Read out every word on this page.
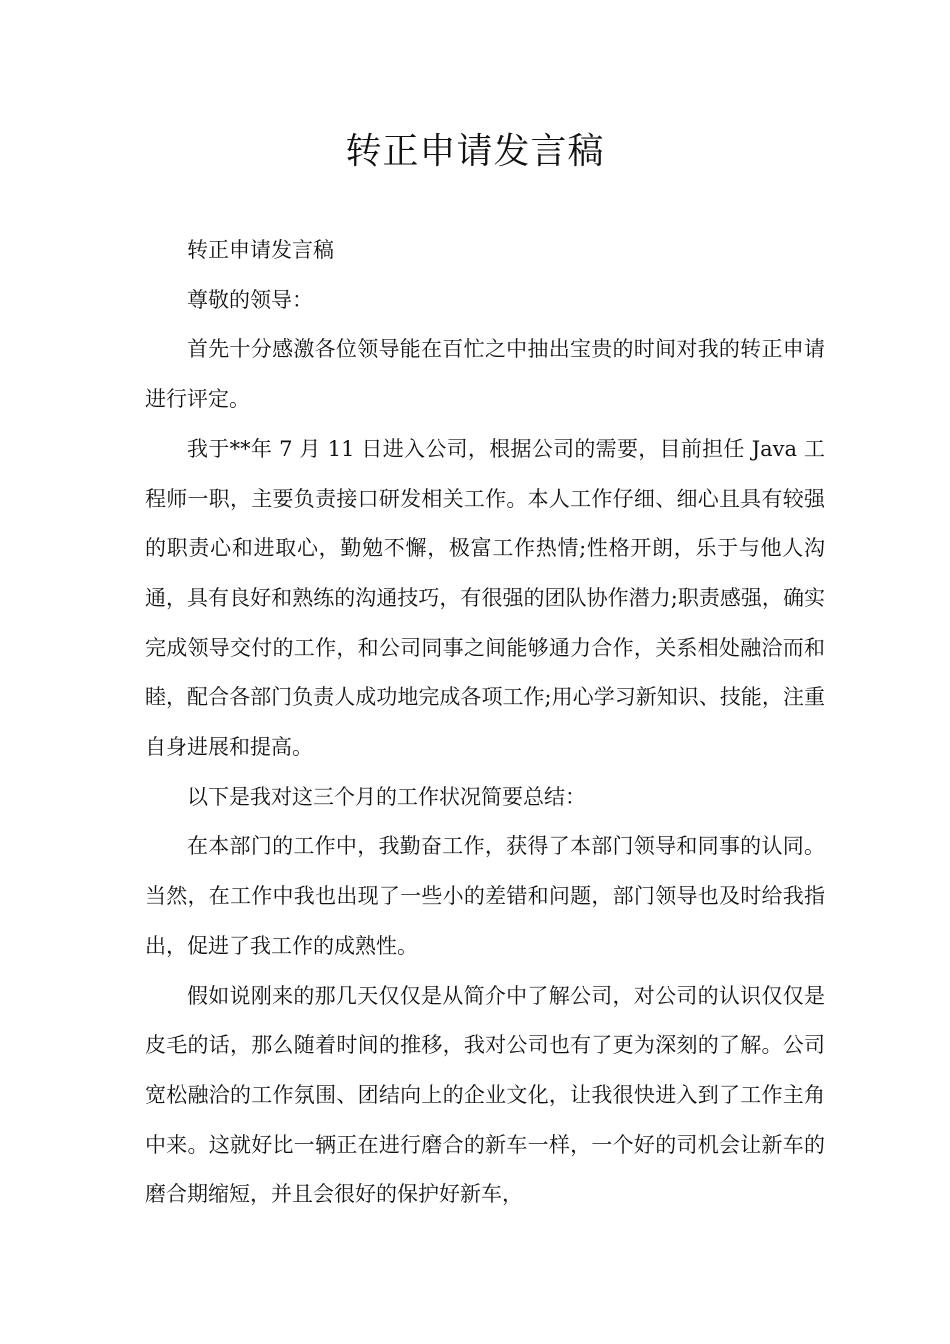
转正申请发言稿

转正申请发言稿

尊敬的领导：

首先十分感激各位领导能在百忙之中抽出宝贵的时间对我的转正申请进行评定。

我于**年 7 月 11 日进入公司，根据公司的需要，目前担任 Java 工程师一职，主要负责接口研发相关工作。本人工作仔细、细心且具有较强的职责心和进取心，勤勉不懈，极富工作热情;性格开朗，乐于与他人沟通，具有良好和熟练的沟通技巧，有很强的团队协作潜力;职责感强，确实完成领导交付的工作，和公司同事之间能够通力合作，关系相处融洽而和睦，配合各部门负责人成功地完成各项工作;用心学习新知识、技能，注重自身进展和提高。

以下是我对这三个月的工作状况简要总结：

在本部门的工作中，我勤奋工作，获得了本部门领导和同事的认同。当然，在工作中我也出现了一些小的差错和问题，部门领导也及时给我指出，促进了我工作的成熟性。

假如说刚来的那几天仅仅是从简介中了解公司，对公司的认识仅仅是皮毛的话，那么随着时间的推移，我对公司也有了更为深刻的了解。公司宽松融洽的工作氛围、团结向上的企业文化，让我很快进入到了工作主角中来。这就好比一辆正在进行磨合的新车一样，一个好的司机会让新车的磨合期缩短，并且会很好的保护好新车，
